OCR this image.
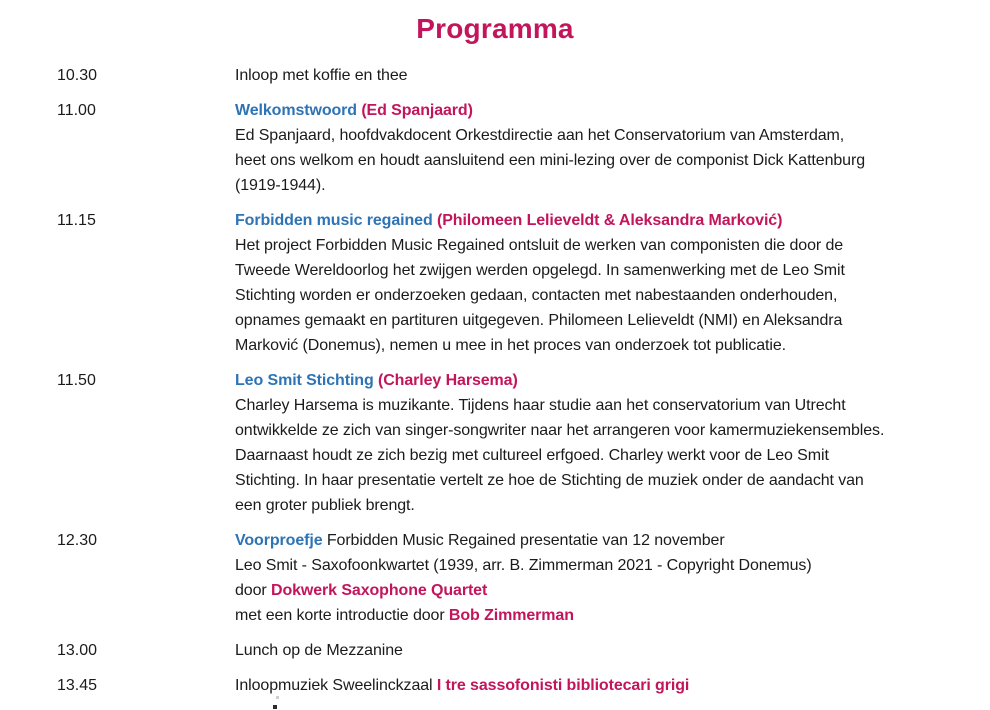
Programma
10.30	Inloop met koffie en thee
11.00	Welkomstwoord (Ed Spanjaard)
Ed Spanjaard, hoofdvakdocent Orkestdirectie aan het Conservatorium van Amsterdam,
heet ons welkom en houdt aansluitend een mini-lezing over de componist Dick Kattenburg
(1919-1944).
11.15	Forbidden music regained (Philomeen Lelieveldt & Aleksandra Marković)
Het project Forbidden Music Regained ontsluit de werken van componisten die door de
Tweede Wereldoorlog het zwijgen werden opgelegd. In samenwerking met de Leo Smit
Stichting worden er onderzoeken gedaan, contacten met nabestaanden onderhouden,
opnames gemaakt en partituren uitgegeven. Philomeen Lelieveldt (NMI) en Aleksandra
Marković (Donemus), nemen u mee in het proces van onderzoek tot publicatie.
11.50	Leo Smit Stichting (Charley Harsema)
Charley Harsema is muzikante. Tijdens haar studie aan het conservatorium van Utrecht
ontwikkelde ze zich van singer-songwriter naar het arrangeren voor kamermuziekensembles.
Daarnaast houdt ze zich bezig met cultureel erfgoed. Charley werkt voor de Leo Smit
Stichting. In haar presentatie vertelt ze hoe de Stichting de muziek onder de aandacht van
een groter publiek brengt.
12.30	Voorproefje Forbidden Music Regained presentatie van 12 november
Leo Smit - Saxofoonkwartet (1939, arr. B. Zimmerman 2021 - Copyright Donemus)
door Dokwerk Saxophone Quartet
met een korte introductie door Bob Zimmerman
13.00	Lunch op de Mezzanine
13.45	Inloopmuziek Sweelinckzaal I tre sassofonisti bibliotecari grigi
